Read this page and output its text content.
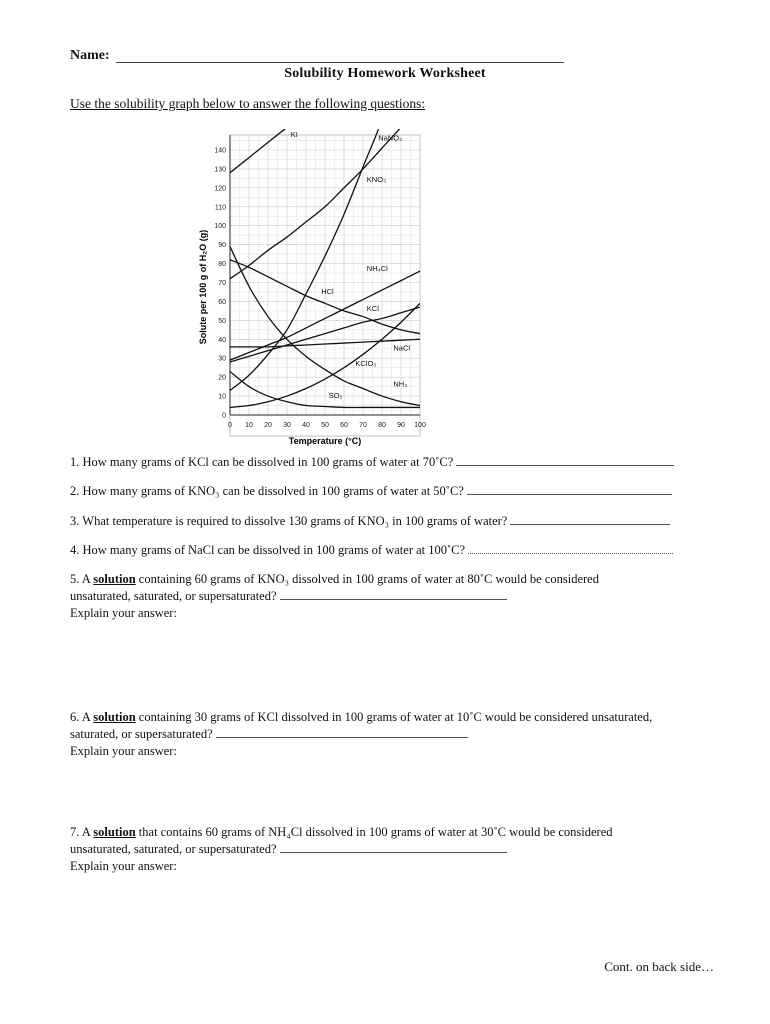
Name:
Solubility Homework Worksheet
Use the solubility graph below to answer the following questions:
0 10 20 30 40 50 60 70 80 90 100
0
10
20
30
40
50
60
70
80
90
100
110
120
130
140
KI	NaNO₃
KNO₃
NH₄Cl
HCl
KCl
NaCl
KClO₃
NH₃
SO₂
Temperature (°C)
Solute per 100 g of H₂O (g)
1. How many grams of KCl can be dissolved in 100 grams of water at 70˚C?
2. How many grams of KNO₃ can be dissolved in 100 grams of water at 50˚C?
3. What temperature is required to dissolve 130 grams of KNO₃ in 100 grams of water?
4. How many grams of NaCl can be dissolved in 100 grams of water at 100˚C?
5. A solution containing 60 grams of KNO₃ dissolved in 100 grams of water at 80˚C would be considered
unsaturated, saturated, or supersaturated?
Explain your answer:
6. A solution containing 30 grams of KCl dissolved in 100 grams of water at 10˚C would be considered unsaturated,
saturated, or supersaturated?
Explain your answer:
7. A solution that contains 60 grams of NH₄Cl dissolved in 100 grams of water at 30˚C would be considered
unsaturated, saturated, or supersaturated?
Explain your answer:
Cont. on back side…
